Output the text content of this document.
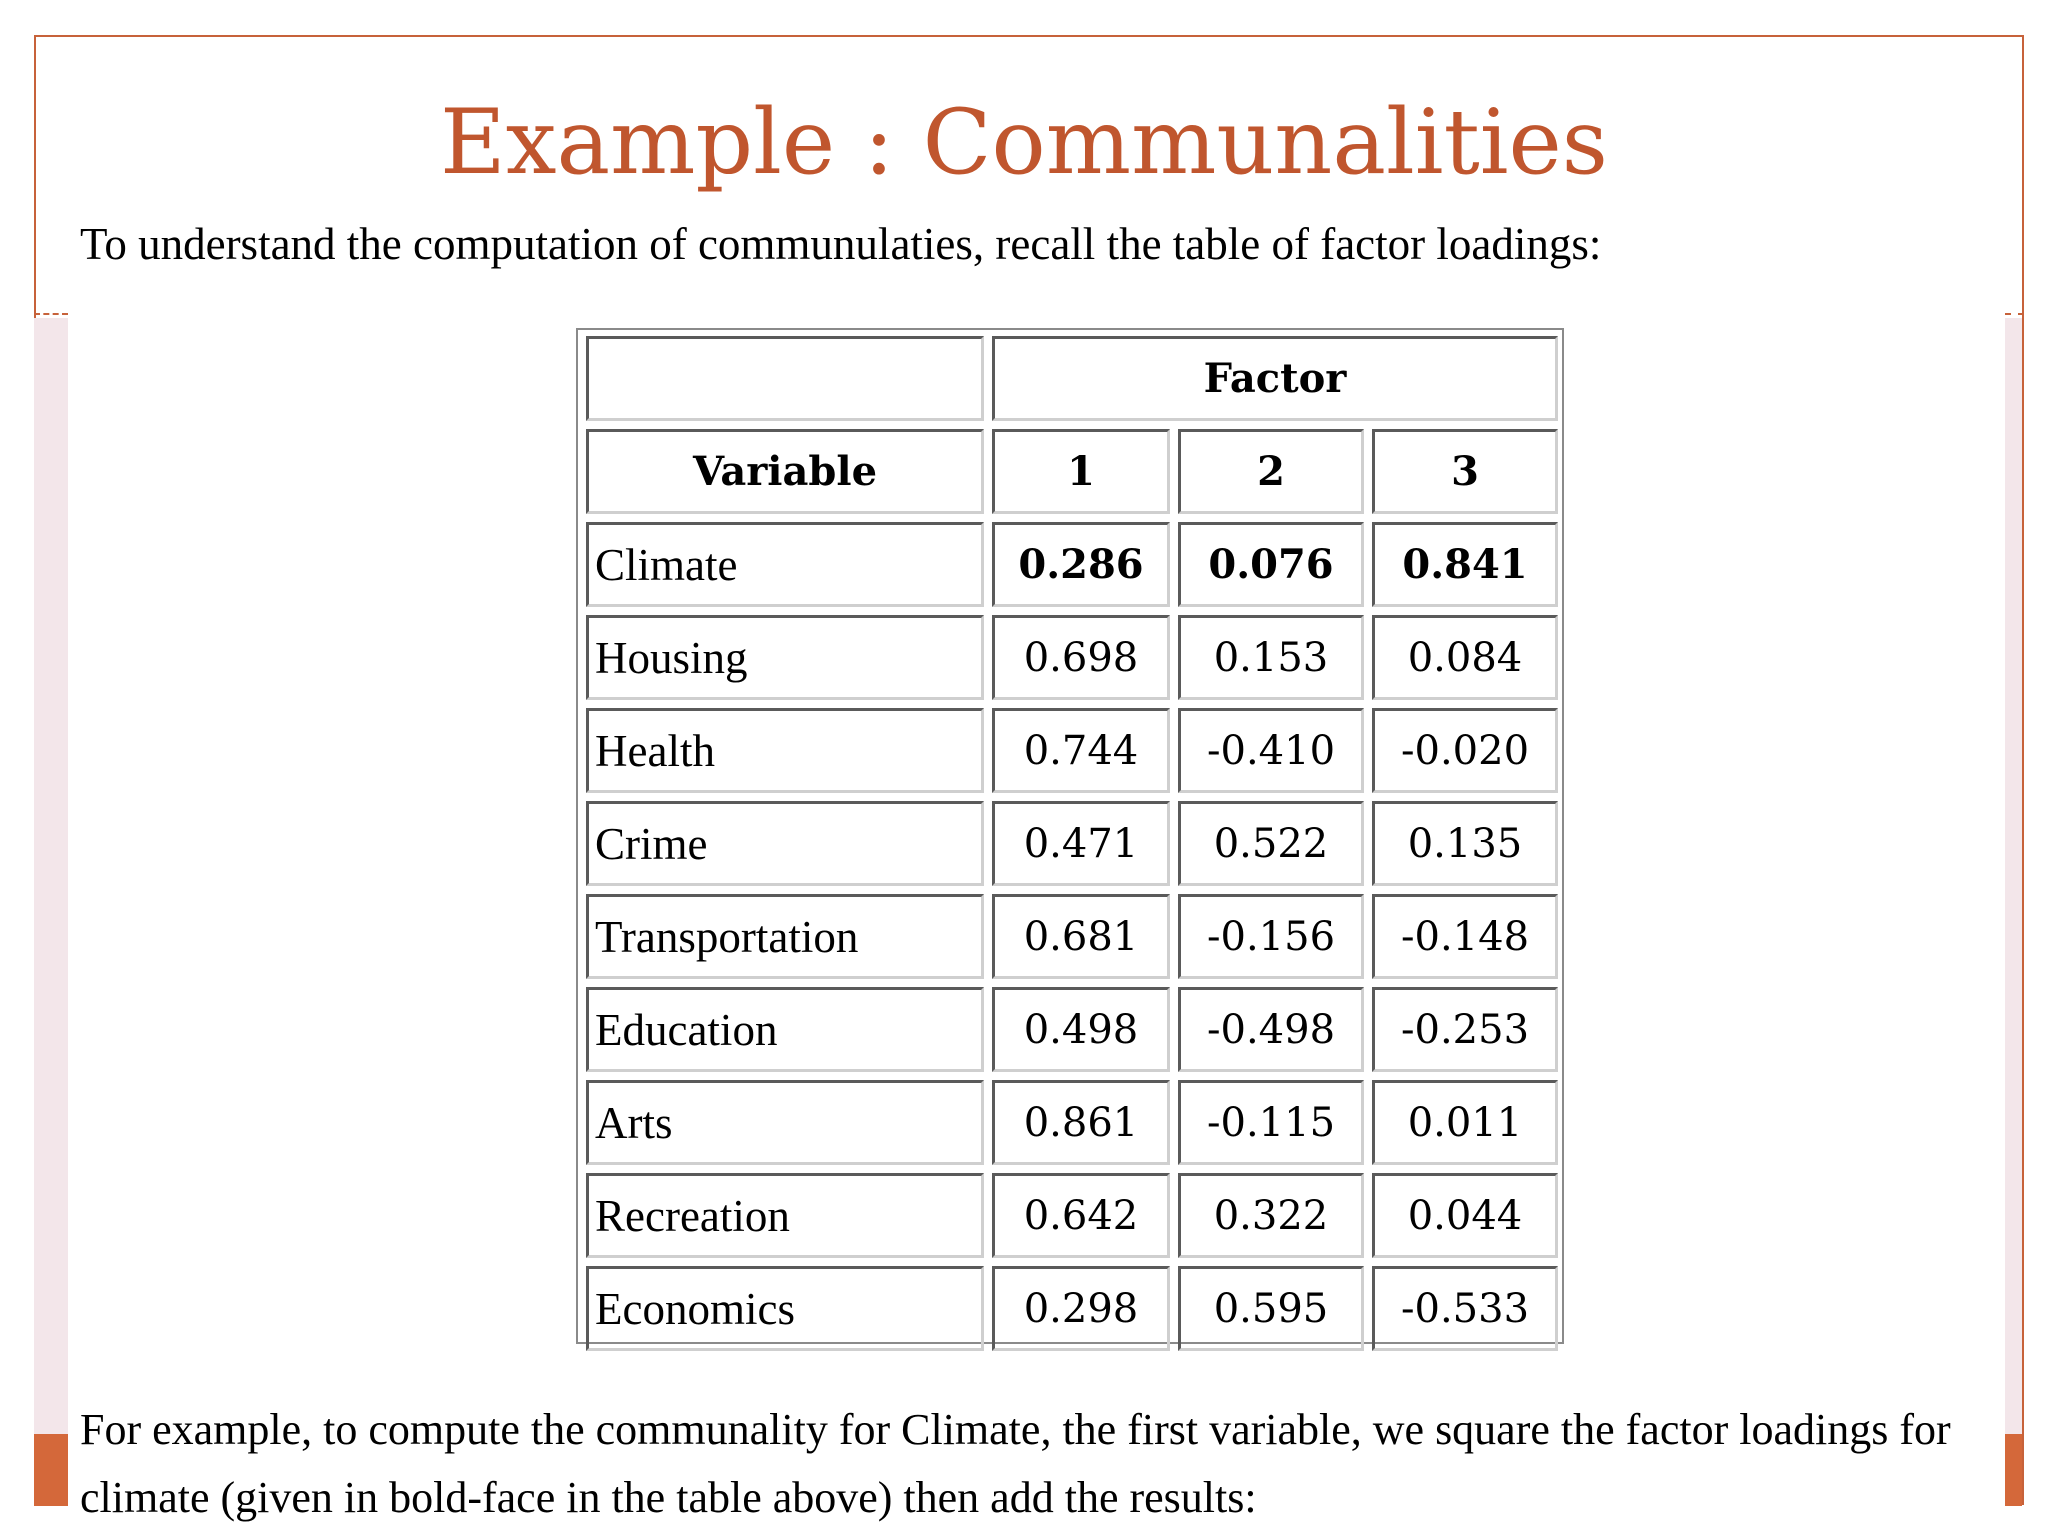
Example : Communalities
To understand the computation of communulaties, recall the table of factor loadings:
	Factor		
Variable	1	2	3
Climate	0.286	0.076	0.841
Housing	0.698	0.153	0.084
Health	0.744	-0.410	-0.020
Crime	0.471	0.522	0.135
Transportation	0.681	-0.156	-0.148
Education	0.498	-0.498	-0.253
Arts	0.861	-0.115	0.011
Recreation	0.642	0.322	0.044
Economics	0.298	0.595	-0.533
For example, to compute the communality for Climate, the first variable, we square the factor loadings for climate (given in bold-face in the table above) then add the results:
